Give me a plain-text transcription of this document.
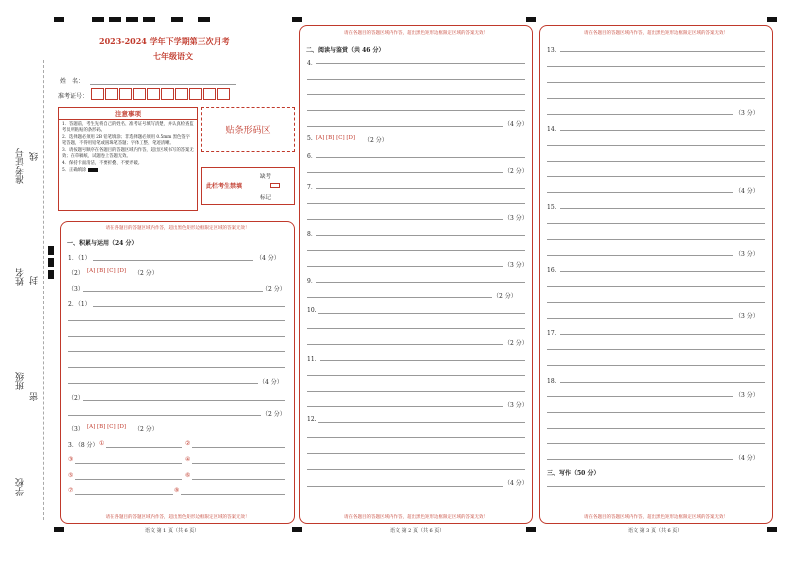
准考证号 线
姓名 封
班级
密
学校
2023-2024 学年下学期第三次月考
七年级语文
姓　名：
准考证号：
注意事项
1．答题前，考生先将自己的姓名、准考证号填写清楚，并认真检查监考员所粘贴的条形码。
2．选择题必须用 2B 铅笔填涂；非选择题必须用 0.5mm 黑色签字笔答题，不得用铅笔或圆珠笔答题；字体工整、笔迹清晰。
3．请按题号顺序在各题目的答题区域内作答，超出区域书写的答案无效；在草稿纸、试题卷上答题无效。
4．保持卡面清洁，不要折叠、不要弄破。
5．正确填涂
贴条形码区
此栏考生禁填
缺考
标记
请在各题目的答题区域内作答，超出黑色矩形边框限定区域的答案无效！
请在各题目的答题区域内作答，超出黑色矩形边框限定区域的答案无效！
一、积累与运用（24 分）
1．（1）	（4 分）
（2） [A] [B] [C] [D] （2 分）
（3）	（2 分）
2．（1）
（4 分）
（2）
（2 分）
（3） [A] [B] [C] [D] （2 分）
3．（8 分） ①	②
③	④
⑤	⑥
⑦	⑧
请在各题目的答题区域内作答，超出黑色矩形边框限定区域的答案无效！
请在各题目的答题区域内作答，超出黑色矩形边框限定区域的答案无效！
二、阅读与鉴赏（共 46 分）
4．
（4 分）
5. [A] [B] [C] [D] （2 分）
6．
（2 分）
7．
（3 分）
8．
（3 分）
9．
（2 分）
10.
（2 分）
11．
（3 分）
12.
（4 分）
请在各题目的答题区域内作答，超出黑色矩形边框限定区域的答案无效！
请在各题目的答题区域内作答，超出黑色矩形边框限定区域的答案无效！
13．
（3 分）
14．
（4 分）
15．
（3 分）
16．
（3 分）
17．
（3 分）
18．
（4 分）
三、写作（50 分）
语文 第 1 页（共 6 页）	语文 第 2 页（共 6 页）	语文 第 3 页（共 6 页）
